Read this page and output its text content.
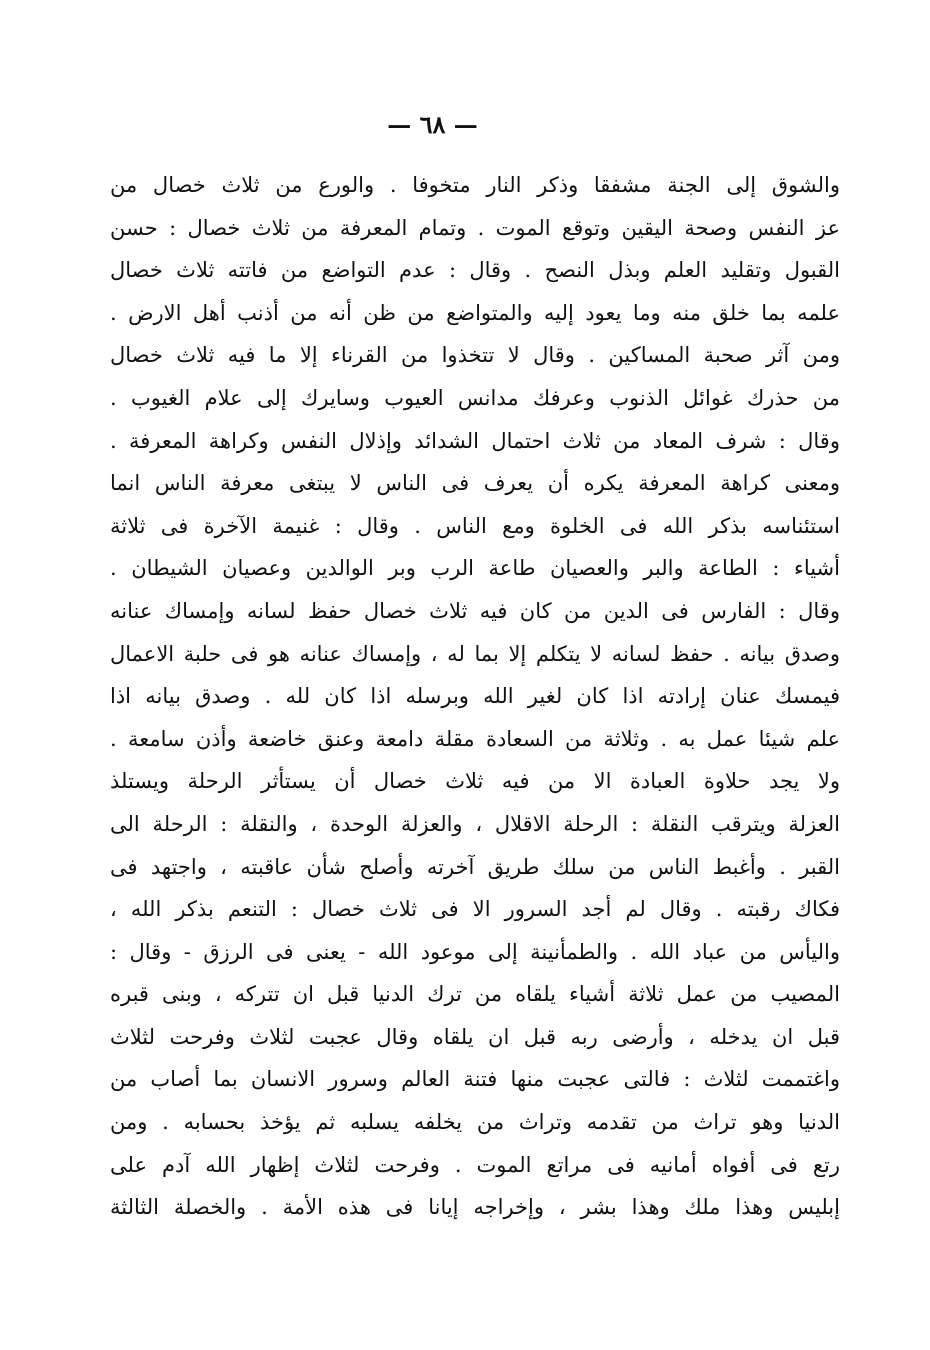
— ٦٨ —
والشوق إلى الجنة مشفقا وذكر النار متخوفا . والورع من ثلاث خصال من
عز النفس وصحة اليقين وتوقع الموت . وتمام المعرفة من ثلاث خصال : حسن
القبول وتقليد العلم وبذل النصح . وقال : عدم التواضع من فاتته ثلاث خصال
علمه بما خلق منه وما يعود إليه والمتواضع من ظن أنه من أذنب أهل الارض .
ومن آثر صحبة المساكين . وقال لا تتخذوا من القرناء إلا ما فيه ثلاث خصال
من حذرك غوائل الذنوب وعرفك مدانس العيوب وسايرك إلى علام الغيوب .
وقال : شرف المعاد من ثلاث احتمال الشدائد وإذلال النفس وكراهة المعرفة .
ومعنى كراهة المعرفة يكره أن يعرف فى الناس لا يبتغى معرفة الناس انما
استئناسه بذكر الله فى الخلوة ومع الناس . وقال : غنيمة الآخرة فى ثلاثة
أشياء : الطاعة والبر والعصيان طاعة الرب وبر الوالدين وعصيان الشيطان .
وقال : الفارس فى الدين من كان فيه ثلاث خصال حفظ لسانه وإمساك عنانه
وصدق بيانه . حفظ لسانه لا يتكلم إلا بما له ، وإمساك عنانه هو فى حلبة الاعمال
فيمسك عنان إرادته اذا كان لغير الله وبرسله اذا كان لله . وصدق بيانه اذا
علم شيئا عمل به . وثلاثة من السعادة مقلة دامعة وعنق خاضعة وأذن سامعة .
ولا يجد حلاوة العبادة الا من فيه ثلاث خصال أن يستأثر الرحلة ويستلذ
العزلة ويترقب النقلة : الرحلة الاقلال ، والعزلة الوحدة ، والنقلة : الرحلة الى
القبر . وأغبط الناس من سلك طريق آخرته وأصلح شأن عاقبته ، واجتهد فى
فكاك رقبته . وقال لم أجد السرور الا فى ثلاث خصال : التنعم بذكر الله ،
واليأس من عباد الله . والطمأنينة إلى موعود الله - يعنى فى الرزق - وقال :
المصيب من عمل ثلاثة أشياء يلقاه من ترك الدنيا قبل ان تتركه ، وبنى قبره
قبل ان يدخله ، وأرضى ربه قبل ان يلقاه وقال عجبت لثلاث وفرحت لثلاث
واغتممت لثلاث : فالتى عجبت منها فتنة العالم وسرور الانسان بما أصاب من
الدنيا وهو تراث من تقدمه وتراث من يخلفه يسلبه ثم يؤخذ بحسابه . ومن
رتع فى أفواه أمانيه فى مراتع الموت . وفرحت لثلاث إظهار الله آدم على
إبليس وهذا ملك وهذا بشر ، وإخراجه إيانا فى هذه الأمة . والخصلة الثالثة
